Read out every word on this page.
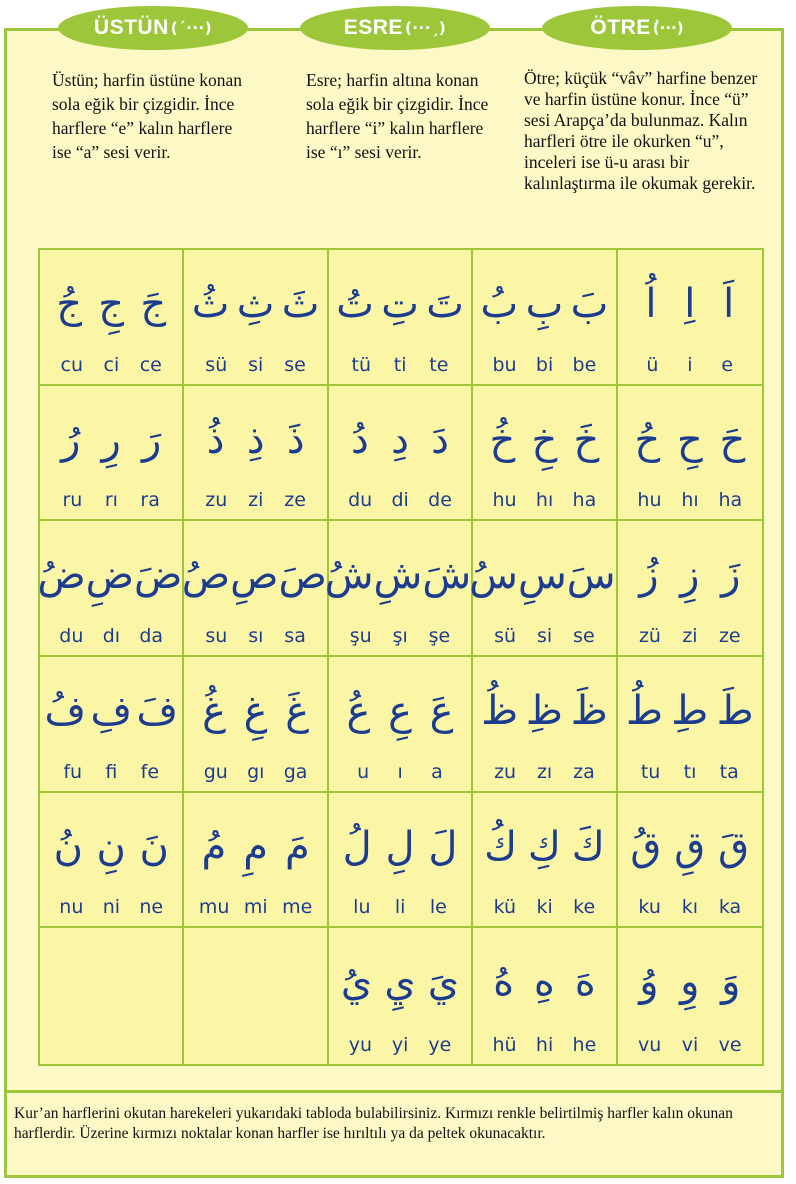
ÜSTÜN (´···)	ESRE (···ˏ)	ÖTRE (ُ···)
Üstün; harfin üstüne konan sola eğik bir çizgidir. İnce harflere “e” kalın harflere ise “a” sesi verir.
Esre; harfin altına konan sola eğik bir çizgidir. İnce harflere “i” kalın harflere ise “ı” sesi verir.
Ötre; küçük “vâv” harfine benzer ve harfin üstüne konur. İnce “ü” sesi Arapça’da bulunmaz. Kalın harfleri ötre ile okurken “u”, inceleri ise ü-u arası bir kalınlaştırma ile okumak gerekir.
جَ
جِ
جُ
cu ci ce
ثَ
ثِ
ثُ
sü si se
تَ
تِ
تُ
tü ti te
بَ
بِ
بُ
bu bi be
اَ
اِ
اُ
ü i e
رَ
رِ
رُ
ru rı ra
ذَ
ذِ
ذُ
zu zi ze
دَ
دِ
دُ
du di de
خَ
خِ
خُ
hu hı ha
حَ
حِ
حُ
hu hı ha
ضَ
ضِ
ضُ
du dı da
صَ
صِ
صُ
su sı sa
شَ
شِ
شُ
şu şı şe
سَ
سِ
سُ
sü si se
زَ
زِ
زُ
zü zi ze
فَ
فِ
فُ
fu fi fe
غَ
غِ
غُ
gu gı ga
عَ
عِ
عُ
u ı a
ظَ
ظِ
ظُ
zu zı za
طَ
طِ
طُ
tu tı ta
نَ
نِ
نُ
nu ni ne
مَ
مِ
مُ
mu mi me
لَ
لِ
لُ
lu li le
كَ
كِ
كُ
kü ki ke
قَ
قِ
قُ
ku kı ka
يَ
يِ
يُ
yu yi ye
هَ
هِ
هُ
hü hi he
وَ
وِ
وُ
vu vi ve
Kur’an harflerini okutan harekeleri yukarıdaki tabloda bulabilirsiniz. Kırmızı renkle belirtilmiş harfler kalın okunan harflerdir. Üzerine kırmızı noktalar konan harfler ise hırıltılı ya da peltek okunacaktır.
